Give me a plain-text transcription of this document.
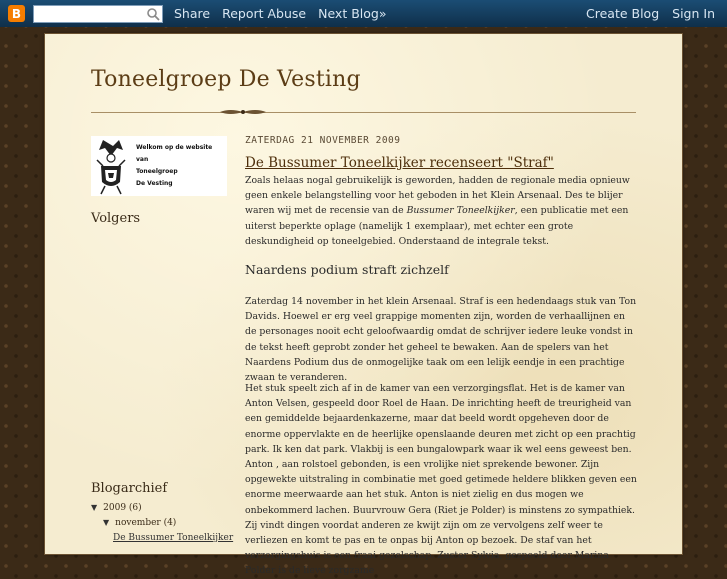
B	Share Report Abuse Next Blog»	Create Blog Sign In
Toneelgroep De Vesting
Welkom op de website van
Toneelgroep
De Vesting
Volgers
Blogarchief
▼ 2009 (6)
▼ november (4)
De Bussumer Toneelkijker
ZATERDAG 21 NOVEMBER 2009
De Bussumer Toneelkijker recenseert "Straf"
Zoals helaas nogal gebruikelijk is geworden, hadden de regionale media opnieuw geen enkele belangstelling voor het geboden in het Klein Arsenaal. Des te blijer waren wij met de recensie van de Bussumer Toneelkijker, een publicatie met een uiterst beperkte oplage (namelijk 1 exemplaar), met echter een grote deskundigheid op toneelgebied. Onderstaand de integrale tekst.
Naardens podium straft zichzelf
Zaterdag 14 november in het klein Arsenaal. Straf is een hedendaags stuk van Ton Davids. Hoewel er erg veel grappige momenten zijn, worden de verhaallijnen en de personages nooit echt geloofwaardig omdat de schrijver iedere leuke vondst in de tekst heeft geprobt zonder het geheel te bewaken. Aan de spelers van het Naardens Podium dus de onmogelijke taak om een lelijk eendje in een prachtige zwaan te veranderen.
Het stuk speelt zich af in de kamer van een verzorgingsflat. Het is de kamer van Anton Velsen, gespeeld door Roel de Haan. De inrichting heeft de treurigheid van een gemiddelde bejaardenkazerne, maar dat beeld wordt opgeheven door de enorme oppervlakte en de heerlijke openslaande deuren met zicht op een prachtig park. Ik ken dat park. Vlakbij is een bungalowpark waar ik wel eens geweest ben. Anton , aan rolstoel gebonden, is een vrolijke niet sprekende bewoner. Zijn opgewekte uitstraling in combinatie met goed getimede heldere blikken geven een enorme meerwaarde aan het stuk. Anton is niet zielig en dus mogen we onbekommerd lachen. Buurvrouw Gera (Riet je Polder) is minstens zo sympathiek. Zij vindt dingen voordat anderen ze kwijt zijn om ze vervolgens zelf weer te verliezen en komt te pas en te onpas bij Anton op bezoek. De staf van het verzorgingshuis is een fraai gezelschap. Zuster Sylvia, gespeeld door Marina Polder is de lieve zorgzame
